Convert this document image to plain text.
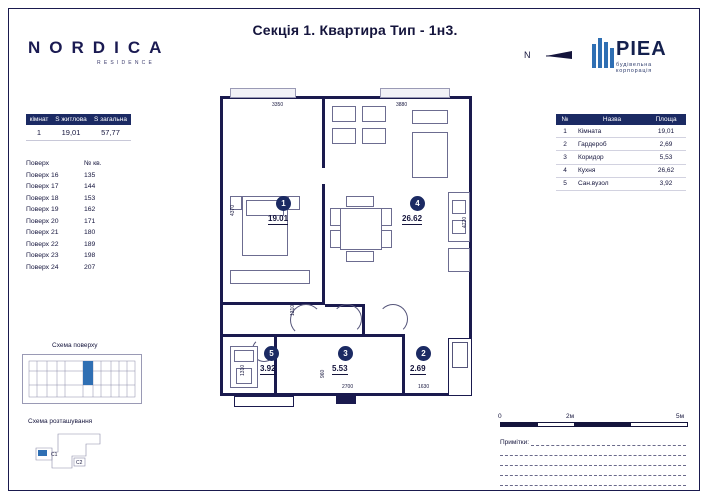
Секція 1. Квартира Тип - 1н3.
N O R D I C A
RESIDENCE
N	PIEA
будівельна корпорація
кімнат	S житлова	S загальна
1	19,01	57,77
Поверх	№ кв.
Поверх 16	135
Поверх 17	144
Поверх 18	153
Поверх 19	162
Поверх 20	171
Поверх 21	180
Поверх 22	189
Поверх 23	198
Поверх 24	207
Схема поверху
Схема розташування
C1
C2
№	Назва	Площа
1	Кімната	19,01
2	Гардероб	2,69
3	Коридор	5,53
4	Кухня	26,62
5	Сан.вузол	3,92
0	2м	5м
Примітки:
3350	3880
4370
4770
1310	960
1310
2700	1630
1
19.01
4
26.62
5
3.92
3
5.53
2
2.69
